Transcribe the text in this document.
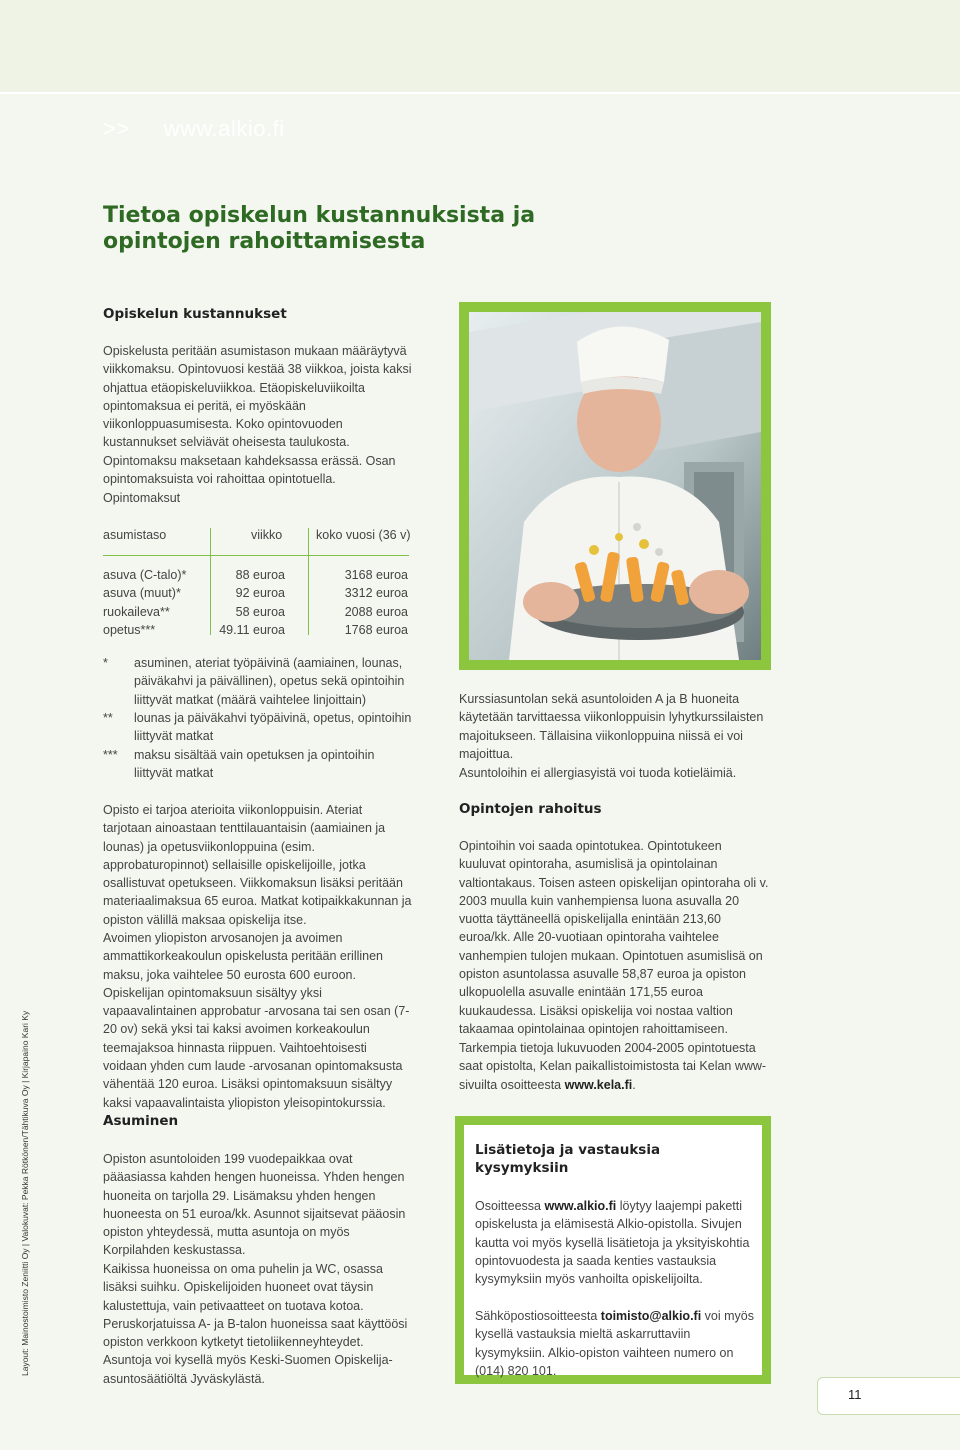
>> www.alkio.fi
Tietoa opiskelun kustannuksista ja opintojen rahoittamisesta
Opiskelun kustannukset

Opiskelusta peritään asumistason mukaan määräytyvä viikkomaksu. Opintovuosi kestää 38 viikkoa, joista kaksi ohjattua etäopiskeluviikkoa. Etäopiskeluviikoilta opintomaksua ei peritä, ei myöskään viikonloppuasumisesta. Koko opintovuoden kustannukset selviävät oheisesta taulukosta. Opintomaksu maksetaan kahdeksassa erässä. Osan opintomaksuista voi rahoittaa opintotuella.

Opintomaksut

asumistaso	viikko	koko vuosi (36 v)
asuva (C-talo)*	88 euroa	3168 euroa
asuva (muut)*	92 euroa	3312 euroa
ruokaileva**	58 euroa	2088 euroa
opetus***	49.11 euroa	1768 euroa
* asuminen, ateriat työpäivinä (aamiainen, lounas, päiväkahvi ja päivällinen), opetus sekä opintoihin liittyvät matkat (määrä vaihtelee linjoittain)
** lounas ja päiväkahvi työpäivinä, opetus, opintoihin liittyvät matkat
*** maksu sisältää vain opetuksen ja opintoihin liittyvät matkat

Opisto ei tarjoa aterioita viikonloppuisin. Ateriat tarjotaan ainoastaan tenttilauantaisin (aamiainen ja lounas) ja opetusviikonloppuina (esim. approbaturopinnot) sellaisille opiskelijoille, jotka osallistuvat opetukseen. Viikkomaksun lisäksi peritään materiaalimaksua 65 euroa. Matkat kotipaikkakunnan ja opiston välillä maksaa opiskelija itse.

Avoimen yliopiston arvosanojen ja avoimen ammattikorkeakoulun opiskelusta peritään erillinen maksu, joka vaihtelee 50 eurosta 600 euroon. Opiskelijan opintomaksuun sisältyy yksi vapaavalintainen approbatur -arvosana tai sen osan (7-20 ov) sekä yksi tai kaksi avoimen korkeakoulun teemajaksoa hinnasta riippuen. Vaihtoehtoisesti voidaan yhden cum laude -arvosanan opintomaksusta vähentää 120 euroa. Lisäksi opintomaksuun sisältyy kaksi vapaavalintaista yliopiston yleisopintokurssia.

Asuminen

Opiston asuntoloiden 199 vuodepaikkaa ovat pääasiassa kahden hengen huoneissa. Yhden hengen huoneita on tarjolla 29. Lisämaksu yhden hengen huoneesta on 51 euroa/kk. Asunnot sijaitsevat pääosin opiston yhteydessä, mutta asuntoja on myös Korpilahden keskustassa.

Kaikissa huoneissa on oma puhelin ja WC, osassa lisäksi suihku. Opiskelijoiden huoneet ovat täysin kalustettuja, vain petivaatteet on tuotava kotoa. Peruskorjatuissa A- ja B-talon huoneissa saat käyttöösi opiston verkkoon kytketyt tietoliikenneyhteydet. Asuntoja voi kysellä myös Keski-Suomen Opiskelija-asuntosäätiöltä Jyväskylästä.

Kurssiasuntolan sekä asuntoloiden A ja B huoneita käytetään tarvittaessa viikonloppuisin lyhytkurssilaisten majoitukseen. Tällaisina viikonloppuina niissä ei voi majoittua.

Asuntoloihin ei allergiasyistä voi tuoda kotieläimiä.

Opintojen rahoitus

Opintoihin voi saada opintotukea. Opintotukeen kuuluvat opintoraha, asumislisä ja opintolainan valtiontakaus. Toisen asteen opiskelijan opintoraha oli v. 2003 muulla kuin vanhempiensa luona asuvalla 20 vuotta täyttäneellä opiskelijalla enintään 213,60 euroa/kk. Alle 20-vuotiaan opintoraha vaihtelee vanhempien tulojen mukaan. Opintotuen asumislisä on opiston asuntolassa asuvalle 58,87 euroa ja opiston ulkopuolella asuvalle enintään 171,55 euroa kuukaudessa. Lisäksi opiskelija voi nostaa valtion takaamaa opintolainaa opintojen rahoittamiseen.

Tarkempia tietoja lukuvuoden 2004-2005 opintotuesta saat opistolta, Kelan paikallistoimistosta tai Kelan www-sivuilta osoitteesta www.kela.fi.

Lisätietoja ja vastauksia kysymyksiin

Osoitteessa www.alkio.fi löytyy laajempi paketti opiskelusta ja elämisestä Alkio-opistolla. Sivujen kautta voi myös kysellä lisätietoja ja yksityiskohtia opintovuodesta ja saada kenties vastauksia kysymyksiin myös vanhoilta opiskelijoilta.

Sähköpostiosoitteesta toimisto@alkio.fi voi myös kysellä vastauksia mieltä askarruttaviin kysymyksiin. Alkio-opiston vaihteen numero on (014) 820 101.

Layout: Mainostoimisto Zeniitti Oy | Valokuvat: Pekka Rötkönen/Tähtikuva Oy | Kirjapaino Kari Ky
11
